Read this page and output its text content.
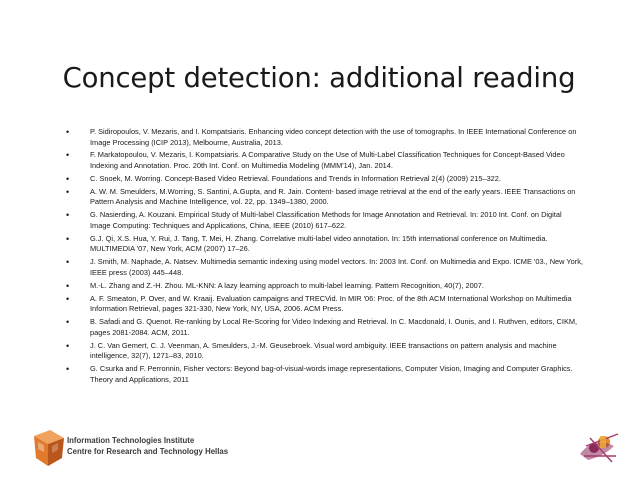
Concept detection: additional reading
•	P. Sidiropoulos, V. Mezaris, and I. Kompatsiaris. Enhancing video concept detection with the use of tomographs. In IEEE International Conference on Image Processing (ICIP 2013), Melbourne, Australia, 2013.
•	F. Markatopoulou, V. Mezaris, I. Kompatsiaris. A Comparative Study on the Use of Multi-Label Classification Techniques for Concept-Based Video Indexing and Annotation. Proc. 20th Int. Conf. on Multimedia Modeling (MMM'14), Jan. 2014.
•	C. Snoek, M. Worring. Concept-Based Video Retrieval. Foundations and Trends in Information Retrieval 2(4) (2009) 215–322.
•	A. W. M. Smeulders, M.Worring, S. Santini, A.Gupta, and R. Jain. Content- based image retrieval at the end of the early years. IEEE Transactions on Pattern Analysis and Machine Intelligence, vol. 22, pp. 1349–1380, 2000.
•	G. Nasierding, A. Kouzani. Empirical Study of Multi-label Classification Methods for Image Annotation and Retrieval. In: 2010 Int. Conf. on Digital Image Computing: Techniques and Applications, China, IEEE (2010) 617–622.
•	G.J. Qi, X.S. Hua, Y. Rui, J. Tang, T. Mei, H. Zhang. Correlative multi-label video annotation. In: 15th international conference on Multimedia. MULTIMEDIA '07, New York, ACM (2007) 17–26.
•	J. Smith, M. Naphade, A. Natsev. Multimedia semantic indexing using model vectors. In: 2003 Int. Conf. on Multimedia and Expo. ICME '03., New York, IEEE press (2003) 445–448.
•	M.-L. Zhang and Z.-H. Zhou. ML-KNN: A lazy learning approach to multi-label learning. Pattern Recognition, 40(7), 2007.
•	A. F. Smeaton, P. Over, and W. Kraaij. Evaluation campaigns and TRECVid. In MIR '06: Proc. of the 8th ACM International Workshop on Multimedia Information Retrieval, pages 321-330, New York, NY, USA, 2006. ACM Press.
•	B. Safadi and G. Quenot. Re-ranking by Local Re-Scoring for Video Indexing and Retrieval. In C. Macdonald, I. Ounis, and I. Ruthven, editors, CIKM, pages 2081-2084. ACM, 2011.
•	J. C. Van Gemert, C. J. Veenman, A. Smeulders, J.-M. Geusebroek. Visual word ambiguity. IEEE transactions on pattern analysis and machine intelligence, 32(7), 1271–83, 2010.
•	G. Csurka and F. Perronnin, Fisher vectors: Beyond bag-of-visual-words image representations, Computer Vision, Imaging and Computer Graphics. Theory and Applications, 2011
Information Technologies Institute
Centre for Research and Technology Hellas
